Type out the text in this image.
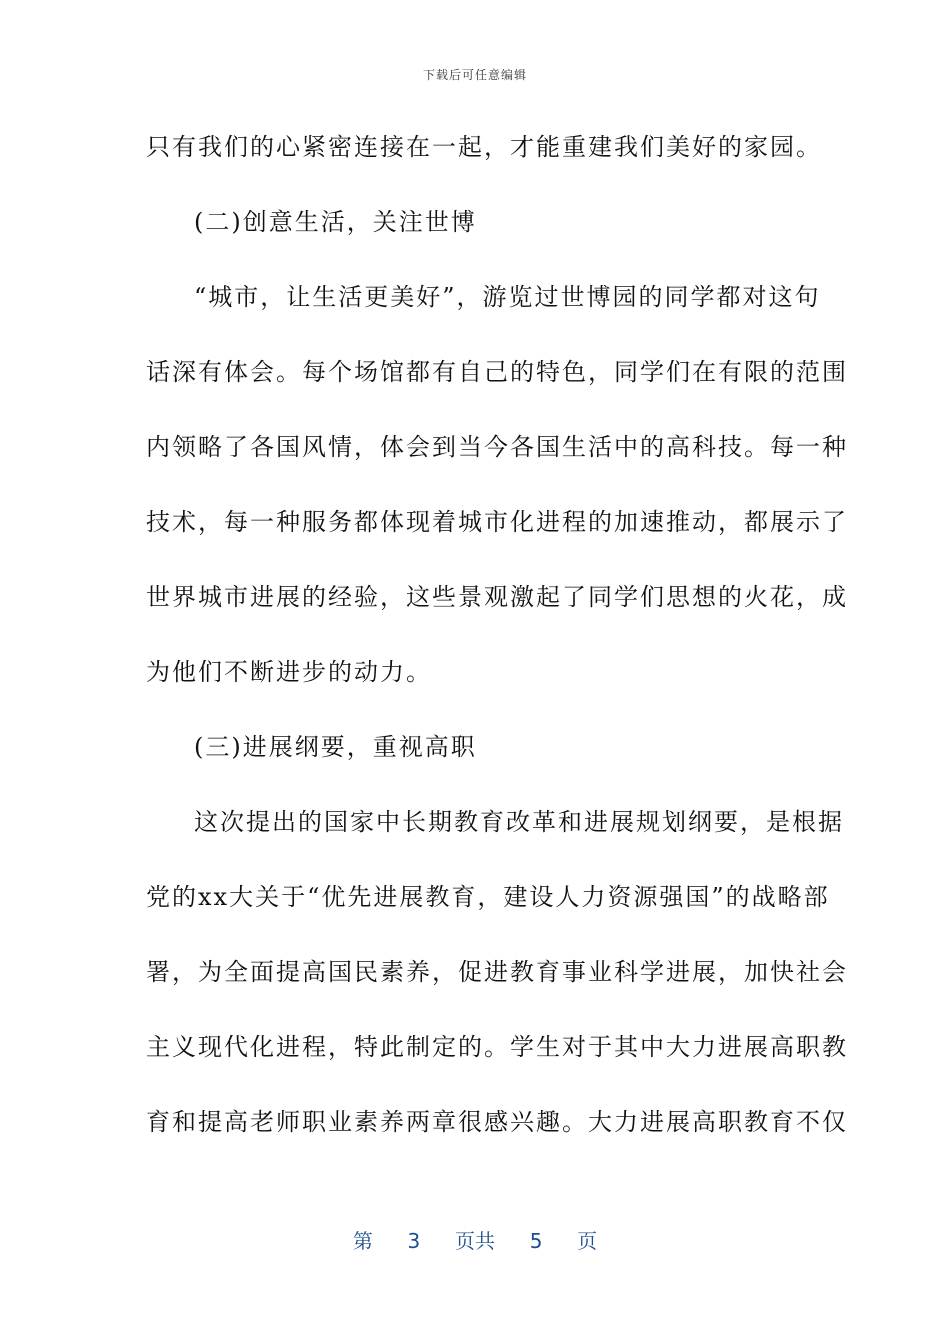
下载后可任意编辑
只有我们的心紧密连接在一起，才能重建我们美好的家园。
(二)创意生活，关注世博
“城市，让生活更美好”，游览过世博园的同学都对这句
话深有体会。每个场馆都有自己的特色，同学们在有限的范围
内领略了各国风情，体会到当今各国生活中的高科技。每一种
技术，每一种服务都体现着城市化进程的加速推动，都展示了
世界城市进展的经验，这些景观激起了同学们思想的火花，成
为他们不断进步的动力。
(三)进展纲要，重视高职
这次提出的国家中长期教育改革和进展规划纲要，是根据
党的xx大关于“优先进展教育，建设人力资源强国”的战略部
署，为全面提高国民素养，促进教育事业科学进展，加快社会
主义现代化进程，特此制定的。学生对于其中大力进展高职教
育和提高老师职业素养两章很感兴趣。大力进展高职教育不仅
第 3 页共 5 页
